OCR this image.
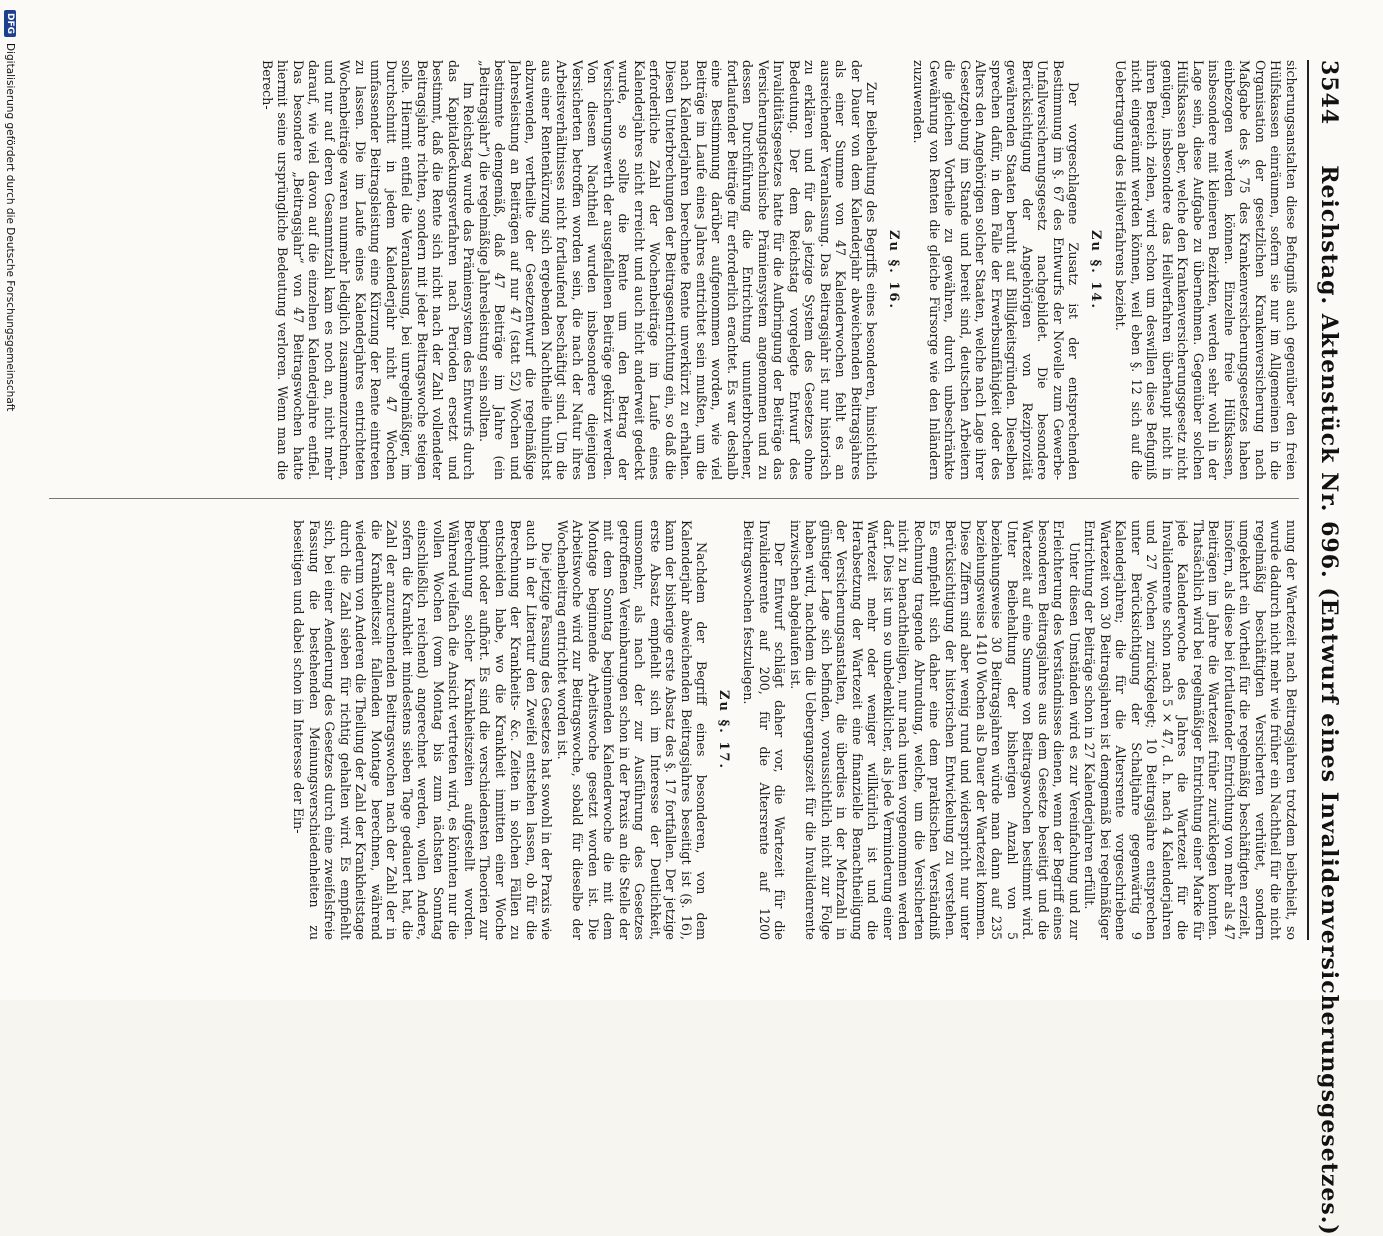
3544
Reichstag. Aktenstück Nr. 696. (Entwurf eines Invalidenversicherungsgesetzes.)

sicherungsanstalten diese Befugniß auch gegenüber den freien Hülfskassen einräumen, sofern sie nur im Allgemeinen in die Organisation der gesetzlichen Krankenversicherung nach Maßgabe des §. 75 des Krankenversicherungsgesetzes haben einbezogen werden können. Einzelne freie Hülfskassen, insbesondere mit kleineren Bezirken, werden sehr wohl in der Lage sein, diese Aufgabe zu übernehmen. Gegenüber solchen Hülfskassen aber, welche den Krankenversicherungsgesetz nicht genügen, insbesondere das Heilverfahren überhaupt nicht in ihren Bereich ziehen, wird schon um deswillen diese Befugniß nicht eingeräumt werden können, weil eben §. 12 sich auf die Uebertragung des Heilverfahrens bezieht.

Zu §. 14.

Der vorgeschlagene Zusatz ist der entsprechenden Bestimmung im §. 67 des Entwurfs der Novelle zum Gewerbe-Unfallversicherungsgesetz nachgebildet. Die besondere Berücksichtigung der Angehörigen von Reziprozität gewährenden Staaten beruht auf Billigkeitsgründen. Dieselben sprechen dafür, in dem Falle der Erwerbsunfähigkeit oder des Alters den Angehörigen solcher Staaten, welche nach Lage ihrer Gesetzgebung im Stande und bereit sind, deutschen Arbeitern die gleichen Vortheile zu gewähren, durch unbeschränkte Gewährung von Renten die gleiche Fürsorge wie den Inländern zuzuwenden.

Zu §. 16.

Zur Beibehaltung des Begriffs eines besonderen, hinsichtlich der Dauer von dem Kalenderjahr abweichenden Beitragsjahres als einer Summe von 47 Kalenderwochen fehlt es an ausreichender Veranlassung. Das Beitragsjahr ist nur historisch zu erklären und für das jetzige System des Gesetzes ohne Bedeutung. Der dem Reichstag vorgelegte Entwurf des Invaliditätsgesetzes hatte für die Aufbringung der Beiträge das Versicherungstechnische Prämiensystem angenommen und zu dessen Durchführung die Entrichtung ununterbrochener, fortlaufender Beiträge für erforderlich erachtet. Es war deshalb eine Bestimmung darüber aufgenommen worden, wie viel Beiträge im Laufe eines Jahres entrichtet sein mußten, um die nach Kalenderjahren berechnete Rente unverkürzt zu erhalten. Diesen Unterbrechungen der Beitragsentrichtung ein, so daß die erforderliche Zahl der Wochenbeiträge im Laufe eines Kalenderjahres nicht erreicht und auch nicht anderweit gedeckt wurde, so sollte die Rente um den Betrag der Versicherungswerth der ausgefallenen Beiträge gekürzt werden. Von diesem Nachtheil wurden insbesondere diejenigen Versicherten betroffen worden sein, die nach der Natur ihres Arbeitsverhältnisses nicht fortlaufend beschäftigt sind. Um die aus einer Rentenkürzung sich ergebenden Nachtheile thunlichst abzuwenden, vertheilte der Gesetzentwurf die regelmäßige Jahresleistung an Beiträgen auf nur 47 (statt 52) Wochen und bestimmte demgemäß, daß 47 Beiträge im Jahre (ein „Beitragsjahr“) die regelmäßige Jahresleistung sein sollten.

Im Reichstag wurde das Prämiensystem des Entwurfs durch das Kapitaldeckungsverfahren nach Perioden ersetzt und bestimmt, daß die Rente sich nicht nach der Zahl vollendeter Beitragsjahre richten, sondern mit jeder Beitragswoche steigen solle. Hiermit entfiel die Veranlassung, bei unregelmäßiger, im Durchschnitt in jedem Kalenderjahr nicht 47 Wochen umfassender Beitragsleistung eine Kürzung der Rente eintreten zu lassen. Die im Laufe eines Kalenderjahres entrichteten Wochenbeiträge waren nunmehr lediglich zusammenzurechnen, und nur auf deren Gesammtzahl kam es noch an, nicht mehr darauf, wie viel davon auf die einzelnen Kalenderjahre entfiel. Das besondere „Beitragsjahr“ von 47 Beitragswochen hatte hiermit seine ursprüngliche Bedeutung verloren. Wenn man die Berech-

nung der Wartezeit nach Beitragsjahren trotzdem beibehielt, so wurde dadurch nicht mehr wie früher ein Nachtheil für die nicht regelmäßig beschäftigten Versicherten verhütet, sondern umgekehrt ein Vortheil für die regelmäßig beschäftigten erzielt, insofern, als diese bei fortlaufender Entrichtung von mehr als 47 Beiträgen im Jahre die Wartezeit früher zurücklegen konnten. Thatsächlich wird bei regelmäßiger Entrichtung einer Marke für jede Kalenderwoche des Jahres die Wartezeit für die Invalidenrente schon nach 5 × 47, d. h. nach 4 Kalenderjahren und 27 Wochen zurückgelegt; 10 Beitragsjahre entsprechen unter Berücksichtigung der Schaltjahre gegenwärtig 9 Kalenderjahren; die für die Altersrente vorgeschriebene Wartezeit von 30 Beitragsjahren ist demgemäß bei regelmäßiger Entrichtung der Beiträge schon in 27 Kalenderjahren erfüllt.

Unter diesen Umständen wird es zur Vereinfachung und zur Erleichterung des Verständnisses dienen, wenn der Begriff eines besonderen Beitragsjahres aus dem Gesetze beseitigt und die Wartezeit auf eine Summe von Beitragswochen bestimmt wird. Unter Beibehaltung der bisherigen Anzahl von 5 beziehungsweise 30 Beitragsjahren würde man dann auf 235 beziehungsweise 1410 Wochen als Dauer der Wartezeit kommen. Diese Ziffern sind aber wenig rund und widerspricht nur unter Berücksichtigung der historischen Entwickelung zu verstehen. Es empfiehlt sich daher eine dem praktischen Verständniß Rechnung tragende Abrundung, welche, um die Versicherten nicht zu benachtheiligen, nur nach unten vorgenommen werden darf. Dies ist um so unbedenklicher, als jede Verminderung einer Wartezeit mehr oder weniger willkürlich ist und die Herabsetzung der Wartezeit eine finanzielle Benachtheiligung der Versicherungsanstalten, die überdies in der Mehrzahl in günstiger Lage sich befinden, voraussichtlich nicht zur Folge haben wird, nachdem die Uebergangszeit für die Invalidenrente inzwischen abgelaufen ist.

Der Entwurf schlägt daher vor, die Wartezeit für die Invalidenrente auf 200, für die Altersrente auf 1200 Beitragswochen festzulegen.

Zu §. 17.

Nachdem der Begriff eines besonderen, von dem Kalenderjahr abweichenden Beitragsjahres beseitigt ist (§. 16), kann der bisherige erste Absatz des §. 17 fortfallen. Der jetzige erste Absatz empfiehlt sich im Interesse der Deutlichkeit, umsomehr, als nach der zur Ausführung des Gesetzes getroffenen Vereinbarungen schon in der Praxis an die Stelle der mit dem Sonntag beginnenden Kalenderwoche die mit dem Montage beginnende Arbeitswoche gesetzt worden ist. Die Arbeitswoche wird zur Beitragswoche, sobald für dieselbe der Wochenbeitrag entrichtet worden ist.

Die jetzige Fassung des Gesetzes hat sowohl in der Praxis wie auch in der Literatur den Zweifel entstehen lassen, ob für die Berechnung der Krankheits- &c. Zeiten in solchen Fällen zu entscheiden habe, wo die Krankheit inmitten einer Woche beginnt oder aufhört. Es sind die verschiedensten Theorien zur Berechnung solcher Krankheitszeiten aufgestellt worden. Während vielfach die Ansicht vertreten wird, es könnten nur die vollen Wochen (vom Montag bis zum nächsten Sonntag einschließlich reichend) angerechnet werden, wollen Andere, sofern die Krankheit mindestens sieben Tage gedauert hat, die Zahl der anzurechnenden Beitragswochen nach der Zahl der in die Krankheitszeit fallenden Montage berechnen, während wiederum von Anderen die Theilung der Zahl der Krankheitstage durch die Zahl sieben für richtig gehalten wird. Es empfiehlt sich, bei einer Aenderung des Gesetzes durch eine zweifelsfreie Fassung die bestehenden Meinungsverschiedenheiten zu beseitigen und dabei schon im Interesse der Ein-

DFG
Digitalisierung gefördert durch die Deutsche Forschungsgemeinschaft
